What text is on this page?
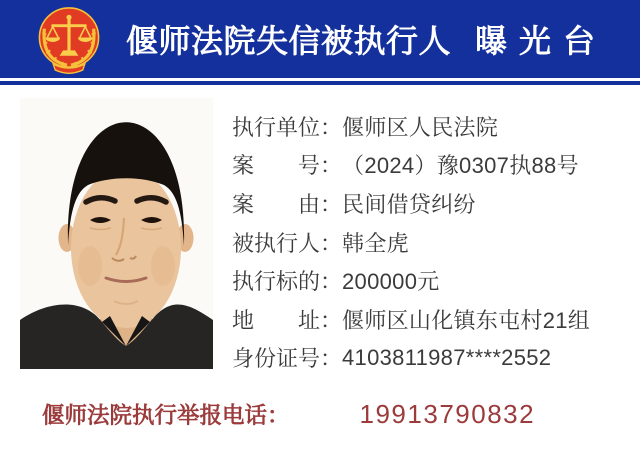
偃师法院失信被执行人 曝光台
执行单位： 偃师区人民法院
案　　号： （2024）豫0307执88号
案　　由： 民间借贷纠纷
被执行人： 韩全虎
执行标的： 200000元
地　　址： 偃师区山化镇东屯村21组
身份证号： 4103811987****2552
偃师法院执行举报电话：	19913790832
